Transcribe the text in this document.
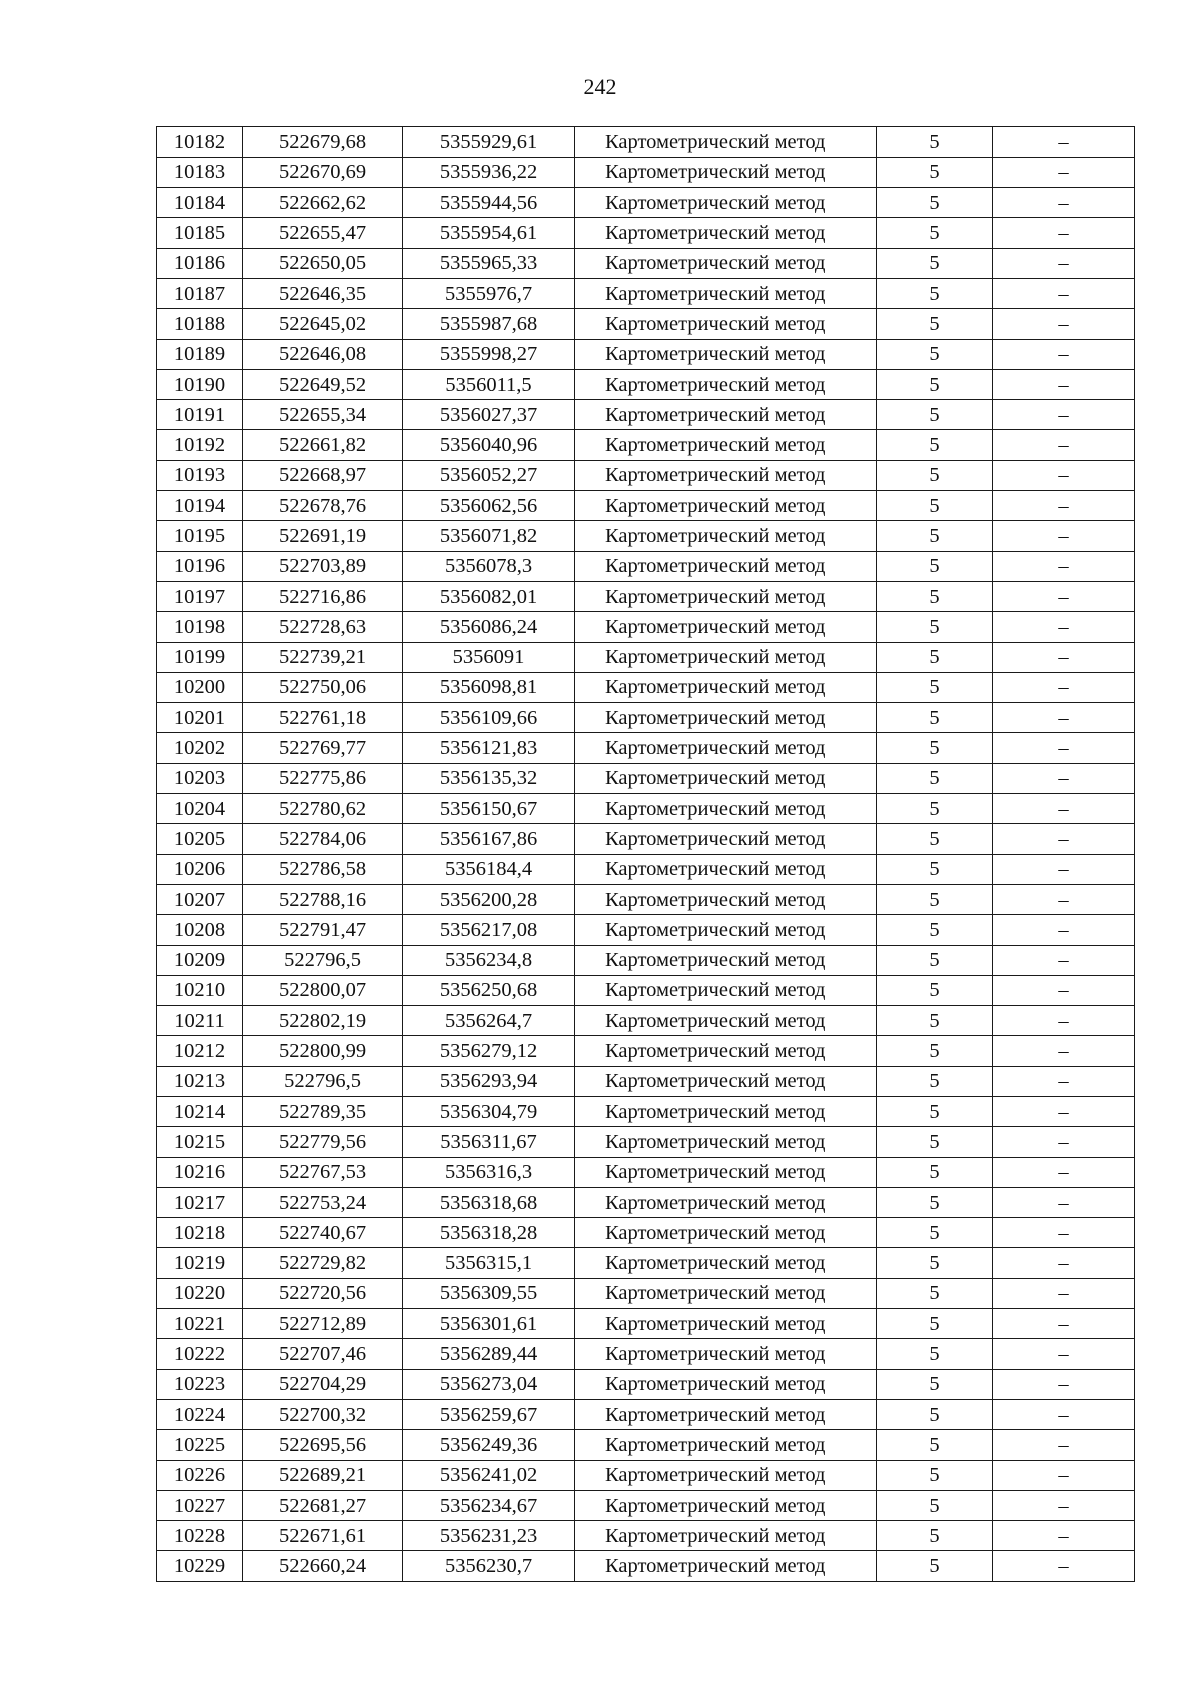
242
10182	522679,68	5355929,61	Картометрический метод	5	–
10183	522670,69	5355936,22	Картометрический метод	5	–
10184	522662,62	5355944,56	Картометрический метод	5	–
10185	522655,47	5355954,61	Картометрический метод	5	–
10186	522650,05	5355965,33	Картометрический метод	5	–
10187	522646,35	5355976,7	Картометрический метод	5	–
10188	522645,02	5355987,68	Картометрический метод	5	–
10189	522646,08	5355998,27	Картометрический метод	5	–
10190	522649,52	5356011,5	Картометрический метод	5	–
10191	522655,34	5356027,37	Картометрический метод	5	–
10192	522661,82	5356040,96	Картометрический метод	5	–
10193	522668,97	5356052,27	Картометрический метод	5	–
10194	522678,76	5356062,56	Картометрический метод	5	–
10195	522691,19	5356071,82	Картометрический метод	5	–
10196	522703,89	5356078,3	Картометрический метод	5	–
10197	522716,86	5356082,01	Картометрический метод	5	–
10198	522728,63	5356086,24	Картометрический метод	5	–
10199	522739,21	5356091	Картометрический метод	5	–
10200	522750,06	5356098,81	Картометрический метод	5	–
10201	522761,18	5356109,66	Картометрический метод	5	–
10202	522769,77	5356121,83	Картометрический метод	5	–
10203	522775,86	5356135,32	Картометрический метод	5	–
10204	522780,62	5356150,67	Картометрический метод	5	–
10205	522784,06	5356167,86	Картометрический метод	5	–
10206	522786,58	5356184,4	Картометрический метод	5	–
10207	522788,16	5356200,28	Картометрический метод	5	–
10208	522791,47	5356217,08	Картометрический метод	5	–
10209	522796,5	5356234,8	Картометрический метод	5	–
10210	522800,07	5356250,68	Картометрический метод	5	–
10211	522802,19	5356264,7	Картометрический метод	5	–
10212	522800,99	5356279,12	Картометрический метод	5	–
10213	522796,5	5356293,94	Картометрический метод	5	–
10214	522789,35	5356304,79	Картометрический метод	5	–
10215	522779,56	5356311,67	Картометрический метод	5	–
10216	522767,53	5356316,3	Картометрический метод	5	–
10217	522753,24	5356318,68	Картометрический метод	5	–
10218	522740,67	5356318,28	Картометрический метод	5	–
10219	522729,82	5356315,1	Картометрический метод	5	–
10220	522720,56	5356309,55	Картометрический метод	5	–
10221	522712,89	5356301,61	Картометрический метод	5	–
10222	522707,46	5356289,44	Картометрический метод	5	–
10223	522704,29	5356273,04	Картометрический метод	5	–
10224	522700,32	5356259,67	Картометрический метод	5	–
10225	522695,56	5356249,36	Картометрический метод	5	–
10226	522689,21	5356241,02	Картометрический метод	5	–
10227	522681,27	5356234,67	Картометрический метод	5	–
10228	522671,61	5356231,23	Картометрический метод	5	–
10229	522660,24	5356230,7	Картометрический метод	5	–
